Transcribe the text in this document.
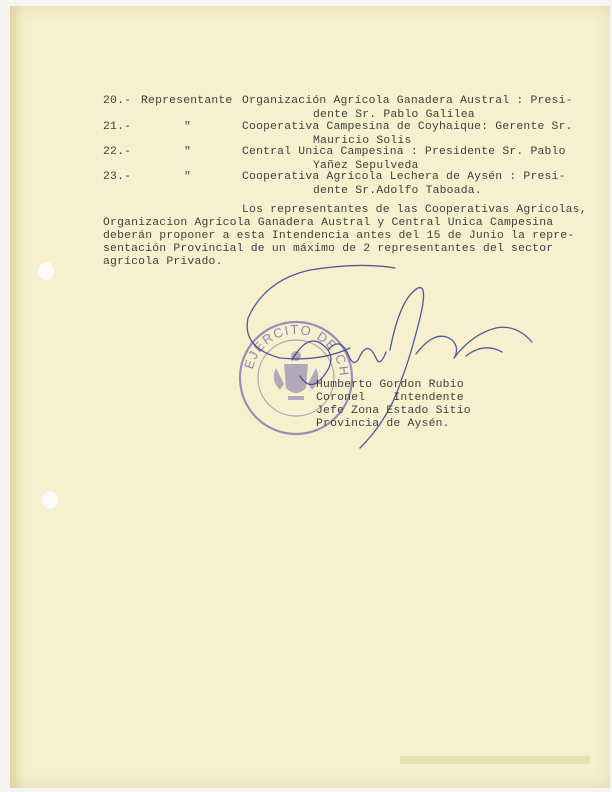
20.- Representante Organización Agrícola Ganadera Austral : Presi-
dente Sr. Pablo Galilea
21.-	"	Cooperativa Campesina de Coyhaique: Gerente Sr.
Mauricio Solis
22.-	"	Central Unica Campesina : Presidente Sr. Pablo
Yañez Sepulveda
23.-	"	Cooperativa Agrícola Lechera de Aysén : Presi-
dente Sr.Adolfo Taboada.
Los representantes de las Cooperativas Agrícolas,
Organizacion Agrícola Ganadera Austral y Central Unica Campesina
deberán proponer a esta Intendencia antes del 15 de Junio la repre-
sentación Provincial de un máximo de 2 representantes del sector
agrícola Privado.
EJERCITO DE CH
Humberto Gordon Rubio
Coronel    Intendente
Jefe Zona Estado Sitio
Provincia de Aysén.
